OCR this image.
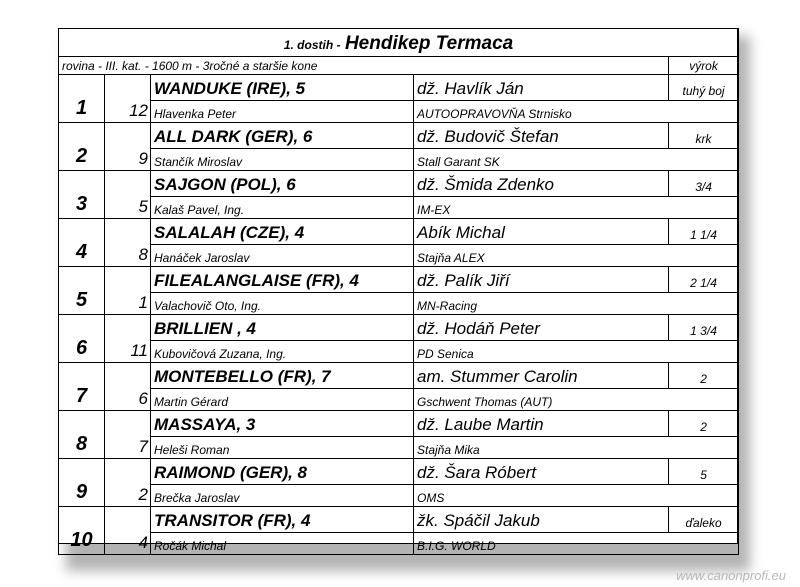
1. dostih - Hendikep Termaca				
rovina - III. kat. - 1600 m - 3ročné a staršie kone				výrok
1	12	WANDUKE (IRE), 5	dž. Havlík Ján	tuhý boj
		Hlavenka Peter	AUTOOPRAVOVŇA Strnisko	
2	9	ALL DARK (GER), 6	dž. Budovič Štefan	krk
		Stančík Miroslav	Stall Garant SK	
3	5	SAJGON (POL), 6	dž. Šmida Zdenko	3/4
		Kalaš Pavel, Ing.	IM-EX	
4	8	SALALAH (CZE), 4	Abík Michal	1 1/4
		Hanáček Jaroslav	Stajňa ALEX	
5	1	FILEALANGLAISE (FR), 4	dž. Palík Jiří	2 1/4
		Valachovič Oto, Ing.	MN-Racing	
6	11	BRILLIEN , 4	dž. Hodáň Peter	1 3/4
		Kubovičová Zuzana, Ing.	PD Senica	
7	6	MONTEBELLO (FR), 7	am. Stummer Carolin	2
		Martin Gérard	Gschwent Thomas (AUT)	
8	7	MASSAYA, 3	dž. Laube Martin	2
		Heleši Roman	Stajňa Mika	
9	2	RAIMOND (GER), 8	dž. Šara Róbert	5
		Brečka Jaroslav	OMS	
10	4	TRANSITOR (FR), 4	žk. Spáčil Jakub	ďaleko
		Ročák Michal	B.I.G. WORLD	
www.canonprofi.eu
